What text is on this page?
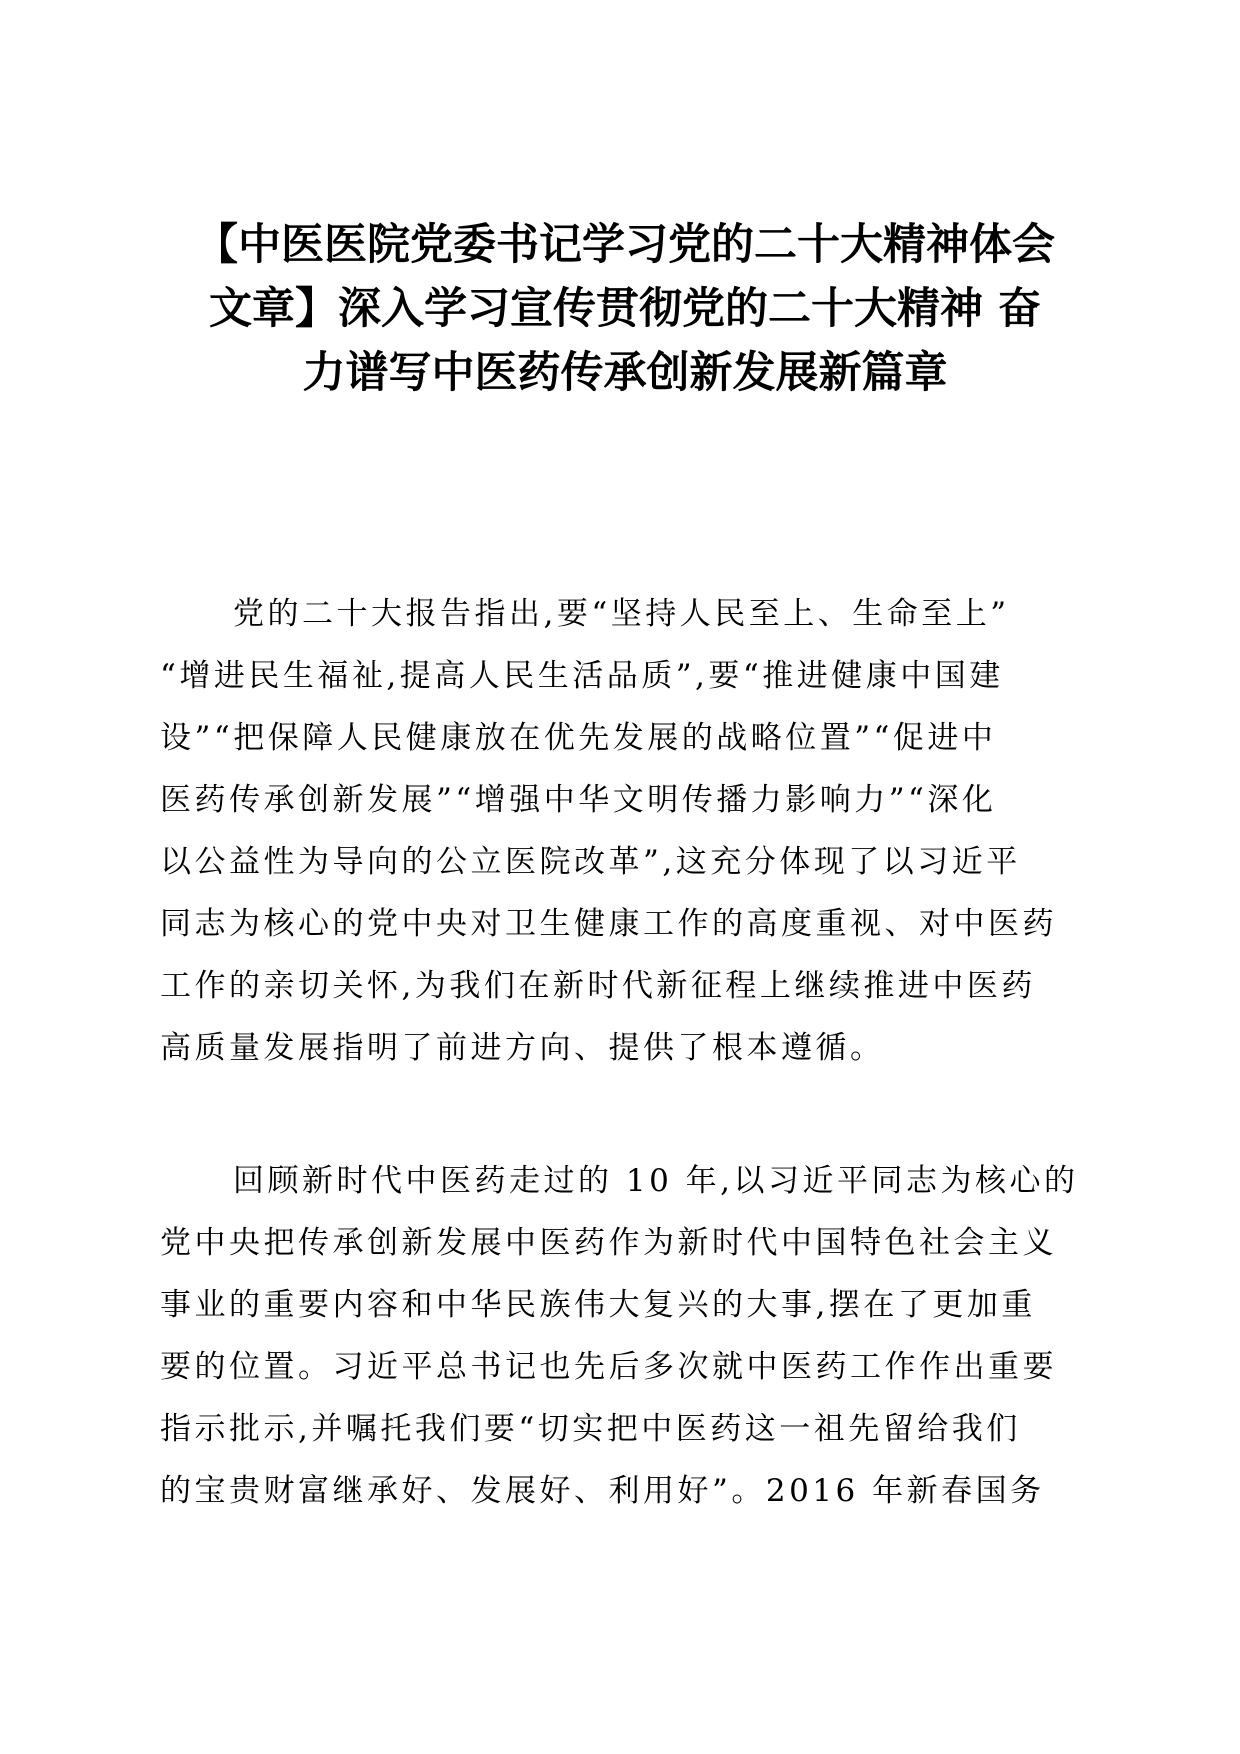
【中医医院党委书记学习党的二十大精神体会
文章】深入学习宣传贯彻党的二十大精神 奋
力谱写中医药传承创新发展新篇章
党的二十大报告指出,要“坚持人民至上、生命至上”
“增进民生福祉,提高人民生活品质”,要“推进健康中国建
设”“把保障人民健康放在优先发展的战略位置”“促进中
医药传承创新发展”“增强中华文明传播力影响力”“深化
以公益性为导向的公立医院改革”,这充分体现了以习近平
同志为核心的党中央对卫生健康工作的高度重视、对中医药
工作的亲切关怀,为我们在新时代新征程上继续推进中医药
高质量发展指明了前进方向、提供了根本遵循。
回顾新时代中医药走过的 10 年,以习近平同志为核心的
党中央把传承创新发展中医药作为新时代中国特色社会主义
事业的重要内容和中华民族伟大复兴的大事,摆在了更加重
要的位置。习近平总书记也先后多次就中医药工作作出重要
指示批示,并嘱托我们要“切实把中医药这一祖先留给我们
的宝贵财富继承好、发展好、利用好”。2016 年新春国务
